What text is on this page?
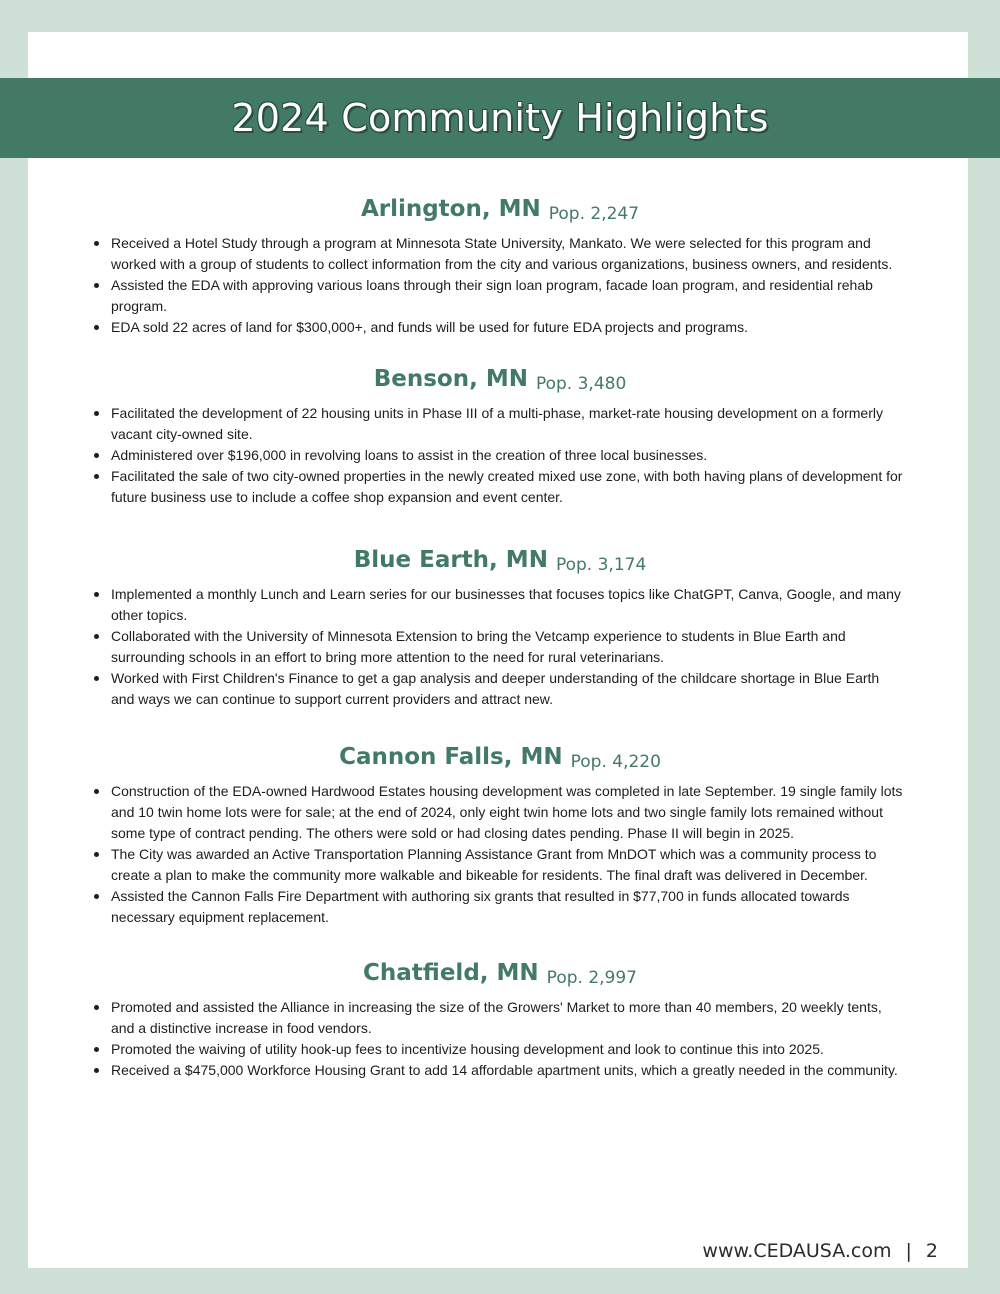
2024 Community Highlights
Arlington, MN Pop. 2,247
Received a Hotel Study through a program at Minnesota State University, Mankato. We were selected for this program and worked with a group of students to collect information from the city and various organizations, business owners, and residents.
Assisted the EDA with approving various loans through their sign loan program, facade loan program, and residential rehab program.
EDA sold 22 acres of land for $300,000+, and funds will be used for future EDA projects and programs.
Benson, MN Pop. 3,480
Facilitated the development of 22 housing units in Phase III of a multi-phase, market-rate housing development on a formerly vacant city-owned site.
Administered over $196,000 in revolving loans to assist in the creation of three local businesses.
Facilitated the sale of two city-owned properties in the newly created mixed use zone, with both having plans of development for future business use to include a coffee shop expansion and event center.
Blue Earth, MN Pop. 3,174
Implemented a monthly Lunch and Learn series for our businesses that focuses topics like ChatGPT, Canva, Google, and many other topics.
Collaborated with the University of Minnesota Extension to bring the Vetcamp experience to students in Blue Earth and surrounding schools in an effort to bring more attention to the need for rural veterinarians.
Worked with First Children's Finance to get a gap analysis and deeper understanding of the childcare shortage in Blue Earth and ways we can continue to support current providers and attract new.
Cannon Falls, MN Pop. 4,220
Construction of the EDA-owned Hardwood Estates housing development was completed in late September. 19 single family lots and 10 twin home lots were for sale; at the end of 2024, only eight twin home lots and two single family lots remained without some type of contract pending. The others were sold or had closing dates pending. Phase II will begin in 2025.
The City was awarded an Active Transportation Planning Assistance Grant from MnDOT which was a community process to create a plan to make the community more walkable and bikeable for residents. The final draft was delivered in December.
Assisted the Cannon Falls Fire Department with authoring six grants that resulted in $77,700 in funds allocated towards necessary equipment replacement.
Chatfield, MN Pop. 2,997
Promoted and assisted the Alliance in increasing the size of the Growers' Market to more than 40 members, 20 weekly tents, and a distinctive increase in food vendors.
Promoted the waiving of utility hook-up fees to incentivize housing development and look to continue this into 2025.
Received a $475,000 Workforce Housing Grant to add 14 affordable apartment units, which a greatly needed in the community.
www.CEDAUSA.com | 2
